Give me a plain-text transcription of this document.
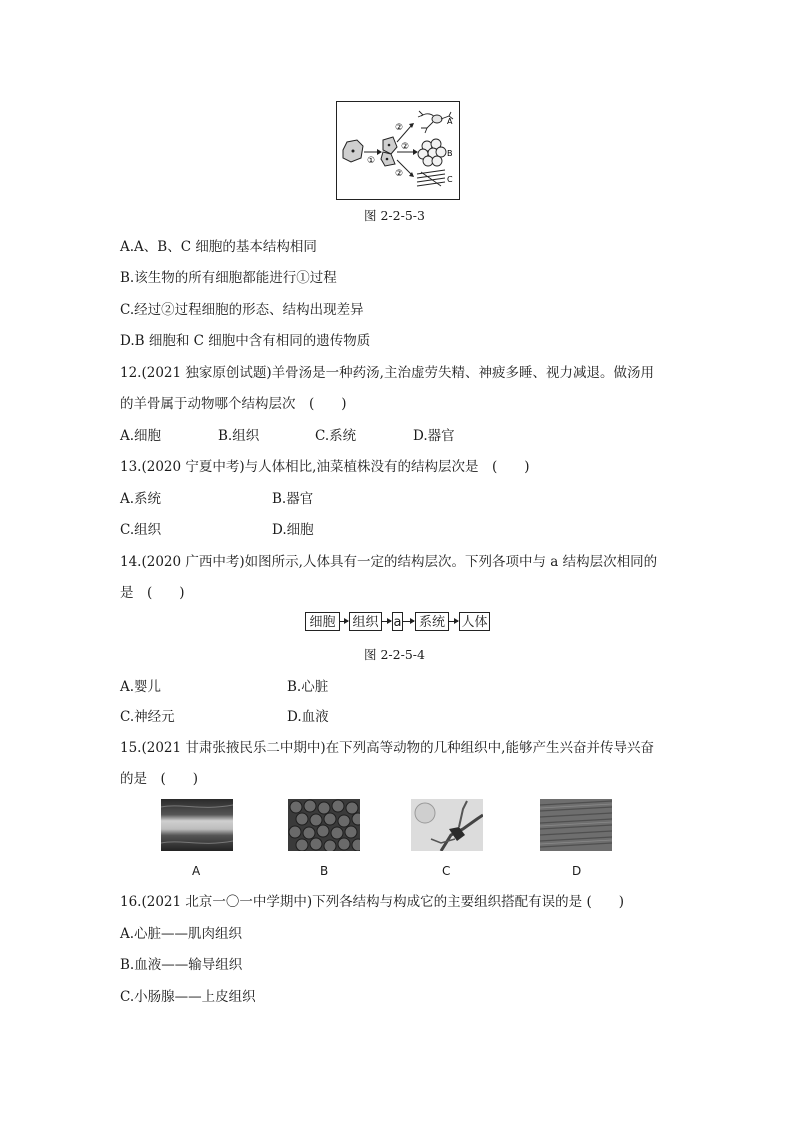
①
②
②
②
A
B
C
图 2-2-5-3
A.A、B、C 细胞的基本结构相同
B.该生物的所有细胞都能进行①过程
C.经过②过程细胞的形态、结构出现差异
D.B 细胞和 C 细胞中含有相同的遗传物质
12.(2021 独家原创试题)羊骨汤是一种药汤,主治虚劳失精、神疲多睡、视力减退。做汤用
的羊骨属于动物哪个结构层次　(　　)
A.细胞	B.组织	C.系统	D.器官
13.(2020 宁夏中考)与人体相比,油菜植株没有的结构层次是　(　　)
A.系统	B.器官
C.组织	D.细胞
14.(2020 广西中考)如图所示,人体具有一定的结构层次。下列各项中与 a 结构层次相同的
是　(　　)
细胞	组织 a	系统	人体
图 2-2-5-4
A.婴儿	B.心脏
C.神经元	D.血液
15.(2021 甘肃张掖民乐二中期中)在下列高等动物的几种组织中,能够产生兴奋并传导兴奋
的是　(　　)
A	B	C	D
16.(2021 北京一〇一中学期中)下列各结构与构成它的主要组织搭配有误的是 (　　)
A.心脏——肌肉组织
B.血液——输导组织
C.小肠腺——上皮组织
